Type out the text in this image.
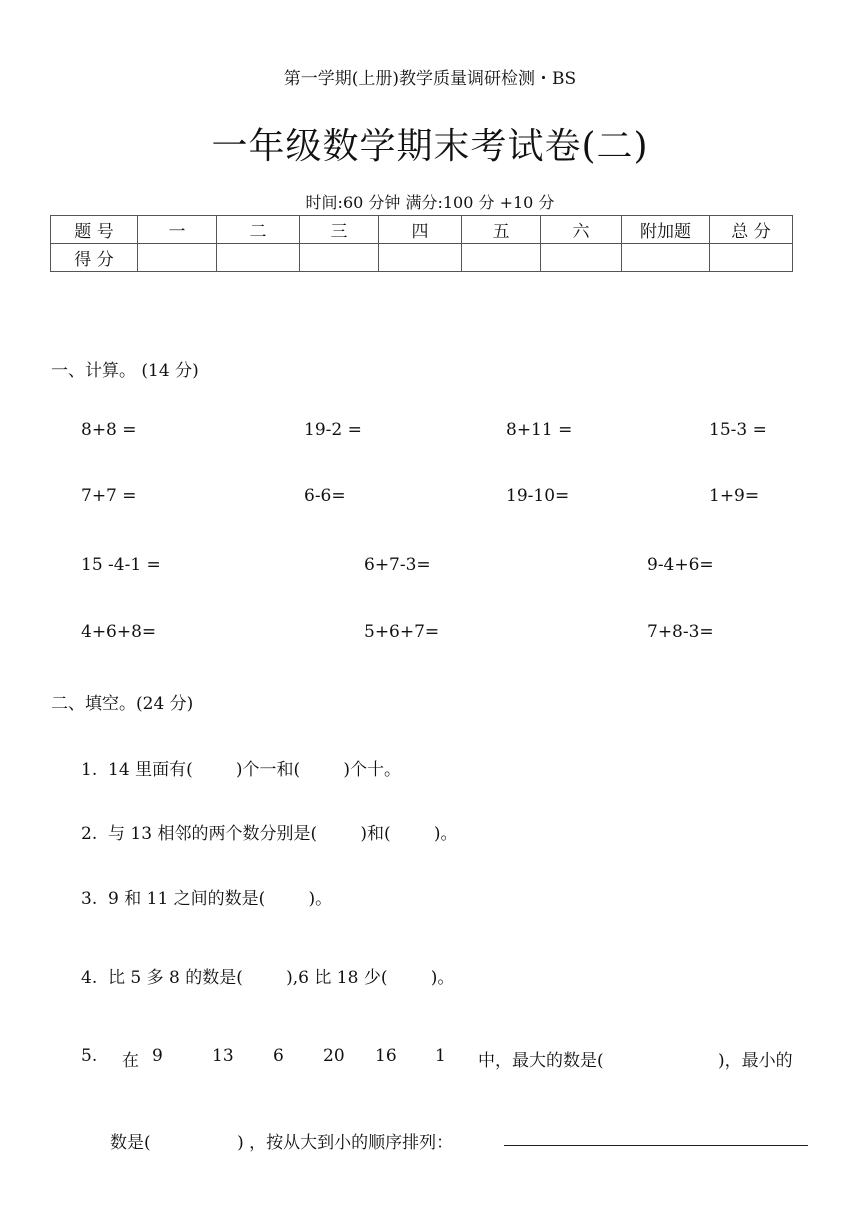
第一学期(上册)教学质量调研检测・BS
一年级数学期末考试卷(二)
时间:60 分钟 满分:100 分 +10 分
题 号	一	二	三	四	五	六	附加题	总 分
得 分								
一、计算。 (14 分)
8+8 =	19-2 =	8+11 =	15-3 =
7+7 =	6-6=	19-10=	1+9=
15 -4-1 =	6+7-3=	9-4+6=
4+6+8=	5+6+7=	7+8-3=
二、填空。(24 分)
1.  14 里面有(        )个一和(        )个十。
2.  与 13 相邻的两个数分别是(        )和(        )。
3.  9 和 11 之间的数是(        )。
4.  比 5 多 8 的数是(        ),6 比 18 少(        )。
5. 在 9	13 6 20 16 1 中，最大的数是(	)，最小的
数是(                ) ，按从大到小的顺序排列：
